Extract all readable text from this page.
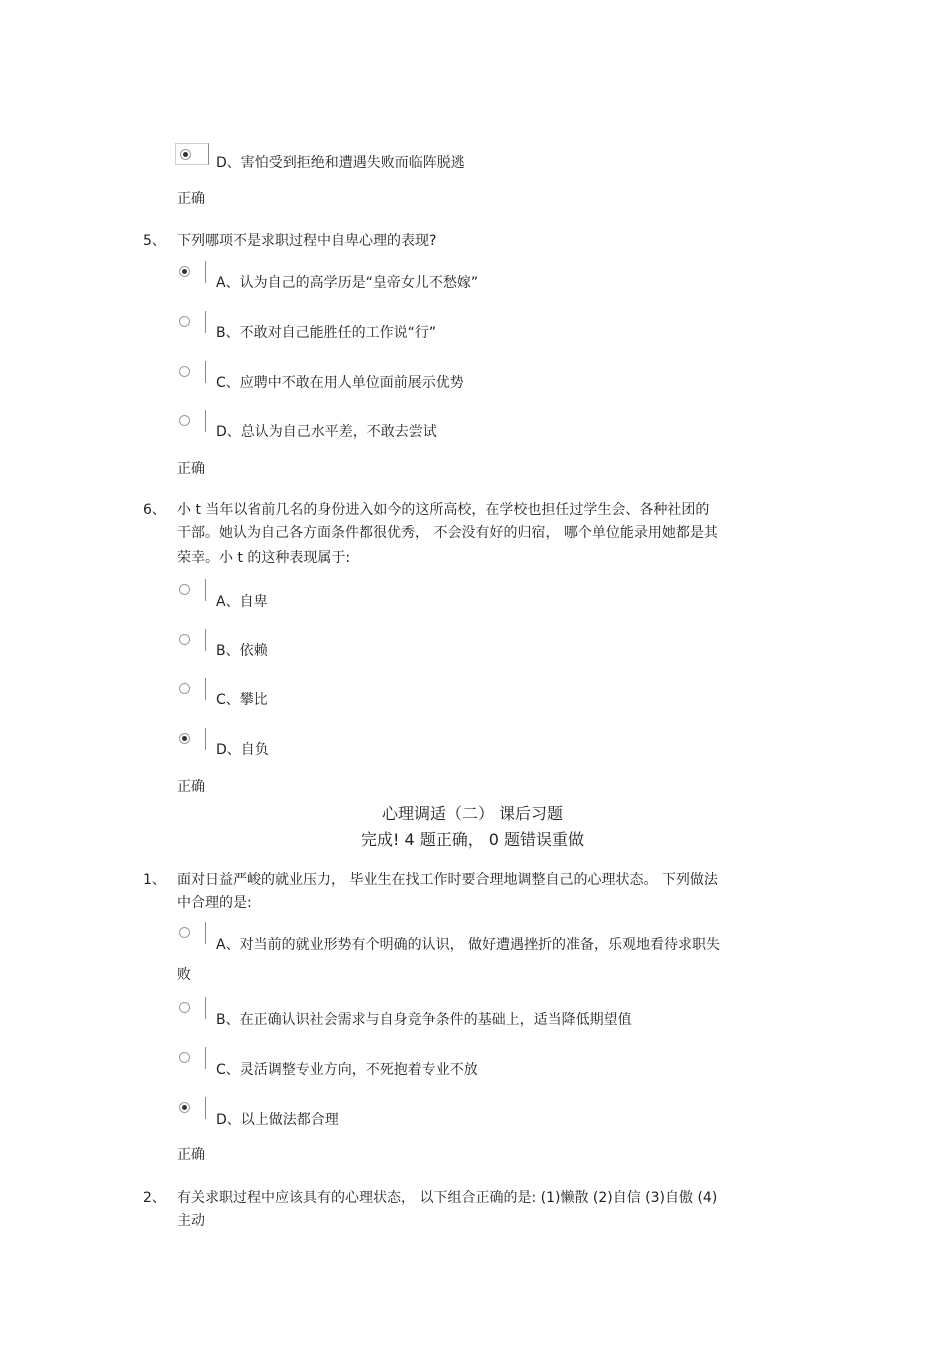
D、害怕受到拒绝和遭遇失败而临阵脱逃
正确
5、 下列哪项不是求职过程中自卑心理的表现?
A、认为自己的高学历是“皇帝女儿不愁嫁”
B、不敢对自己能胜任的工作说“行”
C、应聘中不敢在用人单位面前展示优势
D、总认为自己水平差，不敢去尝试
正确
6、 小 t 当年以省前几名的身份进入如今的这所高校，在学校也担任过学生会、各种社团的
干部。她认为自己各方面条件都很优秀， 不会没有好的归宿， 哪个单位能录用她都是其
荣幸。小 t 的这种表现属于:
A、自卑
B、依赖
C、攀比
D、自负
正确
心理调适（二） 课后习题
完成! 4 题正确， 0 题错误重做
1、 面对日益严峻的就业压力， 毕业生在找工作时要合理地调整自己的心理状态。 下列做法
中合理的是:
A、对当前的就业形势有个明确的认识， 做好遭遇挫折的准备，乐观地看待求职失
败
B、在正确认识社会需求与自身竞争条件的基础上，适当降低期望值
C、灵活调整专业方向，不死抱着专业不放
D、以上做法都合理
正确
2、 有关求职过程中应该具有的心理状态， 以下组合正确的是: (1)懒散 (2)自信 (3)自傲 (4)
主动
